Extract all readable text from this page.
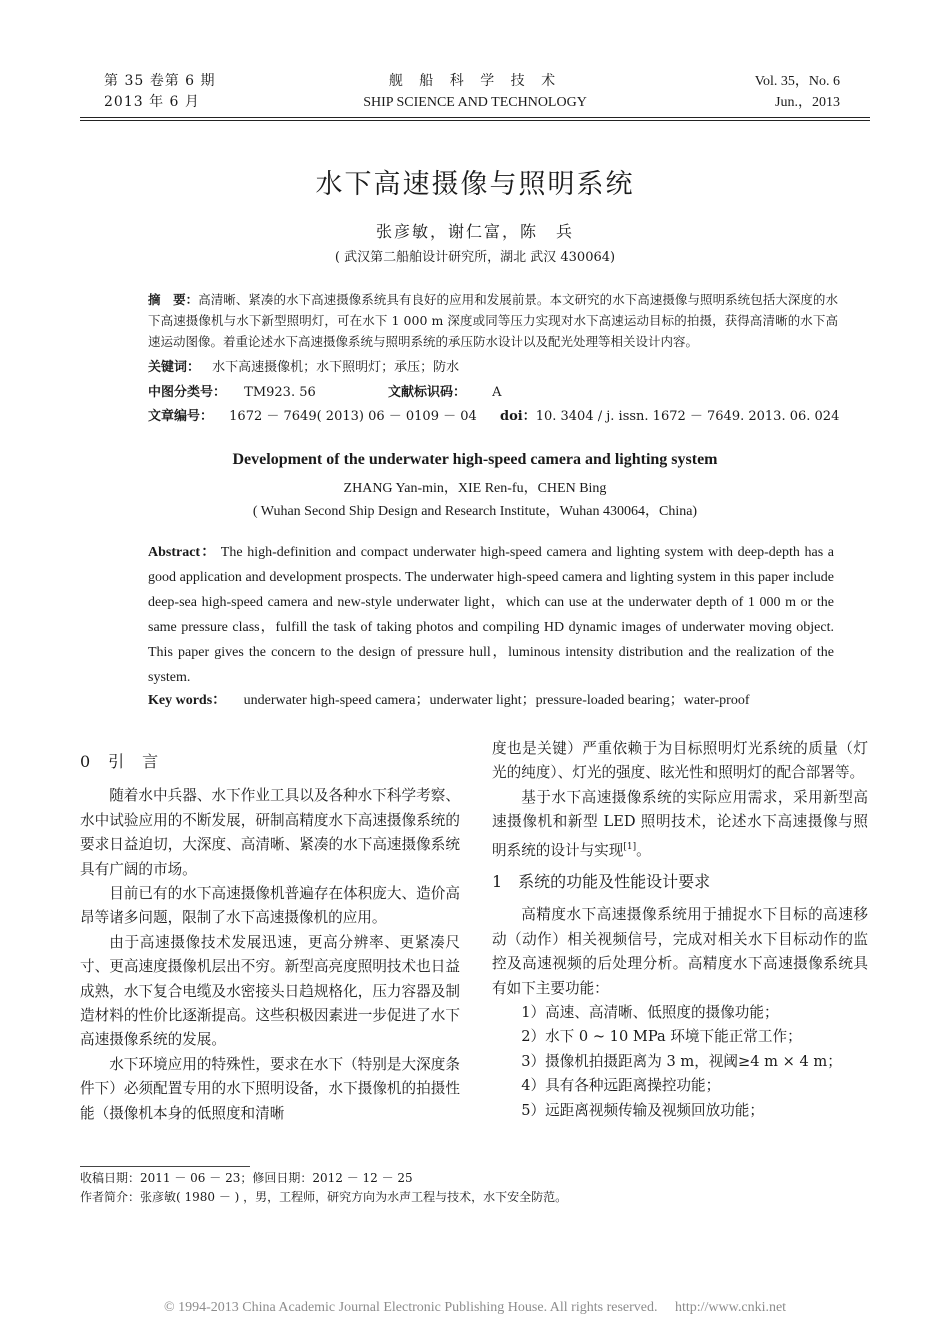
第 35 卷第 6 期
2013 年 6 月
舰 船 科 学 技 术
SHIP SCIENCE AND TECHNOLOGY
Vol. 35，No. 6
Jun.，2013
水下高速摄像与照明系统
张彦敏，谢仁富，陈　兵
( 武汉第二船舶设计研究所，湖北 武汉 430064)
摘　要：高清晰、紧凑的水下高速摄像系统具有良好的应用和发展前景。本文研究的水下高速摄像与照明系统包括大深度的水下高速摄像机与水下新型照明灯，可在水下 1 000 m 深度或同等压力实现对水下高速运动目标的拍摄，获得高清晰的水下高速运动图像。着重论述水下高速摄像系统与照明系统的承压防水设计以及配光处理等相关设计内容。
关键词： 水下高速摄像机；水下照明灯；承压；防水
中图分类号： TM923. 56	文献标识码： A
文章编号： 1672 － 7649( 2013) 06 － 0109 － 04 doi：10. 3404 / j. issn. 1672 － 7649. 2013. 06. 024
Development of the underwater high-speed camera and lighting system
ZHANG Yan-min，XIE Ren-fu，CHEN Bing
( Wuhan Second Ship Design and Research Institute，Wuhan 430064，China)
Abstract： The high-definition and compact underwater high-speed camera and lighting system with deep-depth has a good application and development prospects. The underwater high-speed camera and lighting system in this paper include deep-sea high-speed camera and new-style underwater light，which can use at the underwater depth of 1 000 m or the same pressure class，fulfill the task of taking photos and compiling HD dynamic images of underwater moving object. This paper gives the concern to the design of pressure hull，luminous intensity distribution and the realization of the system.
Key words： underwater high-speed camera；underwater light；pressure-loaded bearing；water-proof
0　引　言

随着水中兵器、水下作业工具以及各种水下科学考察、水中试验应用的不断发展，研制高精度水下高速摄像系统的要求日益迫切，大深度、高清晰、紧凑的水下高速摄像系统具有广阔的市场。

目前已有的水下高速摄像机普遍存在体积庞大、造价高昂等诸多问题，限制了水下高速摄像机的应用。

由于高速摄像技术发展迅速，更高分辨率、更紧凑尺寸、更高速度摄像机层出不穷。新型高亮度照明技术也日益成熟，水下复合电缆及水密接头日趋规格化，压力容器及制造材料的性价比逐渐提高。这些积极因素进一步促进了水下高速摄像系统的发展。

水下环境应用的特殊性，要求在水下（特别是大深度条件下）必须配置专用的水下照明设备，水下摄像机的拍摄性能（摄像机本身的低照度和清晰

度也是关键）严重依赖于为目标照明灯光系统的质量（灯光的纯度）、灯光的强度、眩光性和照明灯的配合部署等。

基于水下高速摄像系统的实际应用需求，采用新型高速摄像机和新型 LED 照明技术，论述水下高速摄像与照明系统的设计与实现[1]。

1　系统的功能及性能设计要求

高精度水下高速摄像系统用于捕捉水下目标的高速移动（动作）相关视频信号，完成对相关水下目标动作的监控及高速视频的后处理分析。高精度水下高速摄像系统具有如下主要功能：

1）高速、高清晰、低照度的摄像功能；
2）水下 0 ~ 10 MPa 环境下能正常工作；
3）摄像机拍摄距离为 3 m，视阈≥4 m × 4 m；
4）具有各种远距离操控功能；
5）远距离视频传输及视频回放功能；
收稿日期：2011 － 06 － 23；修回日期：2012 － 12 － 25
作者简介：张彦敏( 1980 － ) ，男，工程师，研究方向为水声工程与技术，水下安全防范。
© 1994-2013 China Academic Journal Electronic Publishing House. All rights reserved.　 http://www.cnki.net
